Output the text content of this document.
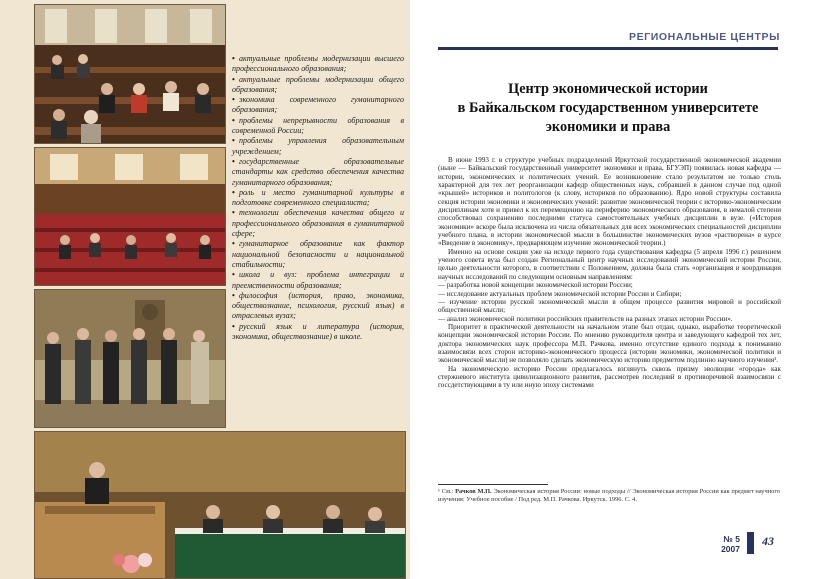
• актуальные проблемы модернизации высшего профессионального образования;
• актуальные проблемы модернизации общего образования;
• экономика современного гуманитарного образования;
• проблемы непрерывности образования в современной России;
• проблемы управления образовательным учреждением;
• государственные образовательные стандарты как средство обеспечения качества гуманитарного образования;
• роль и место гуманитарной культуры в подготовке современного специалиста;
• технологии обеспечения качества общего и профессионального образования в гуманитарной сфере;
• гуманитарное образование как фактор национальной безопасности и национальной стабильности;
• школа и вуз: проблема интеграции и преемственности образования;
• философия (история, право, экономика, обществознание, психология, русский язык) в отраслевых вузах;
• русский язык и литература (история, экономика, обществознание) в школе.
РЕГИОНАЛЬНЫЕ ЦЕНТРЫ
Центр экономической истории
в Байкальском государственном университете
экономики и права

В июне 1993 г. в структуре учебных подразделений Иркутской государственной экономической академии (ныне — Байкальский государственный университет экономики и права, БГУЭП) появилась новая кафедра — истории, экономических и политических учений. Ее возникновение стало результатом не только столь характерной для тех лет реорганизации кафедр общественных наук, собравшей в данном случае под одной «крышей» историков и политологов (к слову, историков по образованию). Ядро новой структуры составила секция истории экономики и экономических учений: развитие экономической теории с историко-экономическим дисциплинам хотя и привел к их перемещению на периферию экономического образования, в немалой степени способствовал сохранению последними статуса самостоятельных учебных дисциплин в вузе. («История экономики» вскоре была исключена из числа обязательных для всех экономических специальностей дисциплин учебного плана, в истории экономической мысли в большинстве экономических вузов «растворена» в курсе «Введение в экономику», предваряющем изучение экономической теории.)

Именно на основе секции уже на исходе первого года существования кафедры (5 апреля 1996 г.) решением ученого совета вуза был создан Региональный центр научных исследований экономической истории России, целью деятельности которого, в соответствии с Положением, должна была стать «организация и координация научных исследований по следующим основным направлениям:

— разработка новой концепции экономической истории России;

— исследование актуальных проблем экономической истории России и Сибири;

— изучение истории русской экономической мысли в общем процессе развития мировой и российской общественной мысли;

— анализ экономической политики российских правительств на разных этапах истории России».

Приоритет в практической деятельности на начальном этапе был отдан, однако, выработке теоретической концепции экономической истории России. По мнению руководителя центра и заведующего кафедрой тех лет, доктора экономических наук профессора М.П. Рачкова, именно отсутствие единого подхода к пониманию взаимосвязи всех сторон историко-экономического процесса (истории экономики, экономической политики и экономической мысли) не позволяло сделать экономическую историю предметом подлинно научного изучения¹.

На экономическую историю России предлагалось взглянуть сквозь призму эволюции «города» как стержневого института цивилизационного развития, рассмотрев последний в противоречивой взаимосвязи с госсдетствующими в ту или иную эпоху системами

¹ См.: Рачков М.П. Экономическая история России: новые подходы // Экономическая история России как предмет научного изучения: Учебное пособие / Под ред. М.П. Рачкова. Иркутск. 1996. С. 4.
№ 5
2007
43
